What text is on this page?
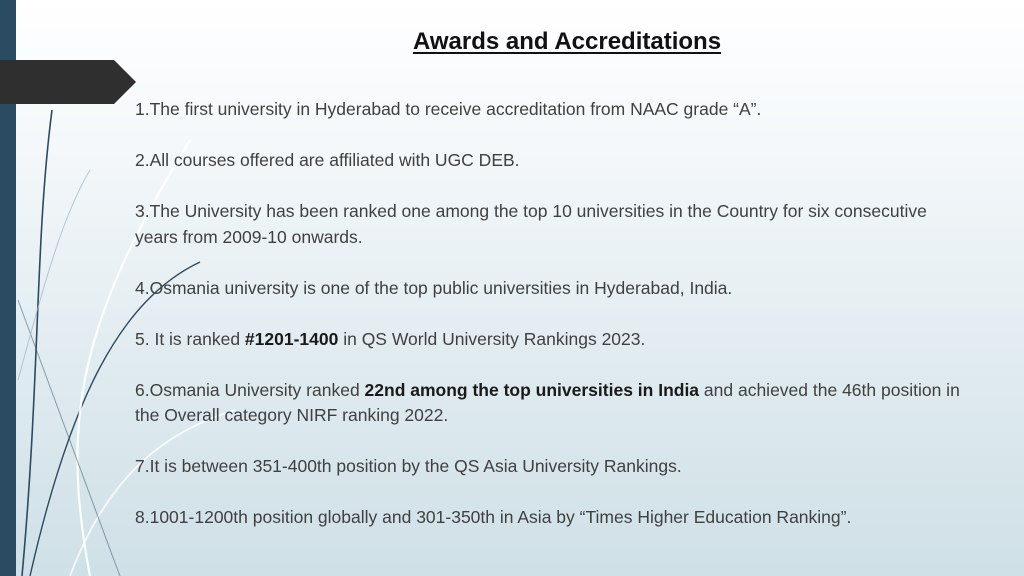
Awards and Accreditations

1.The first university in Hyderabad to receive accreditation from NAAC grade “A”.

2.All courses offered are affiliated with UGC DEB.

3.The University has been ranked one among the top 10 universities in the Country for six consecutive years from 2009-10 onwards.

4.Osmania university is one of the top public universities in Hyderabad, India.

5. It is ranked #1201-1400 in QS World University Rankings 2023.

6.Osmania University ranked 22nd among the top universities in India and achieved the 46th position in the Overall category NIRF ranking 2022.

7.It is between 351-400th position by the QS Asia University Rankings.

8.1001-1200th position globally and 301-350th in Asia by “Times Higher Education Ranking”.
